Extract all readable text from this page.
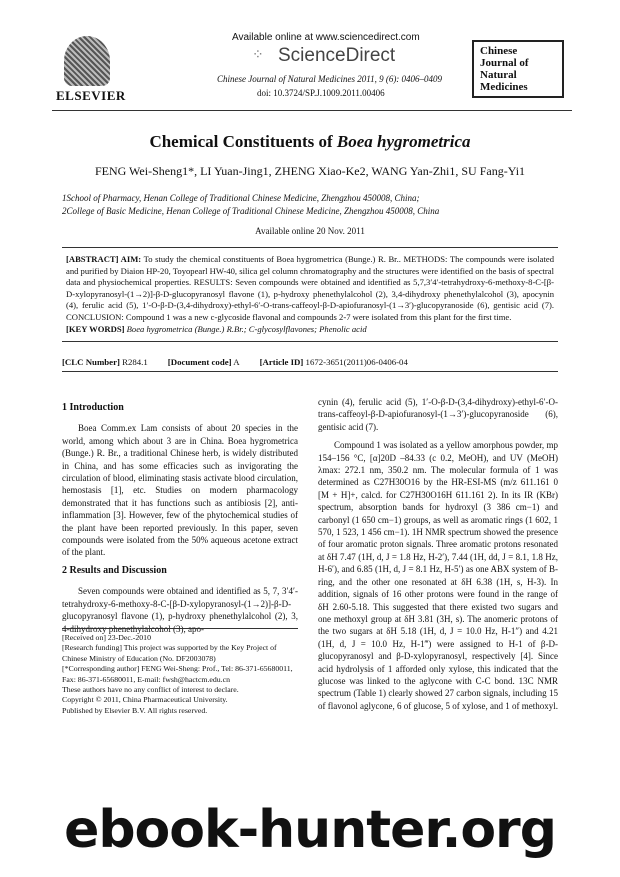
ELSEVIER
Available online at www.sciencedirect.com
⁘ ScienceDirect
Chinese Journal of Natural Medicines 2011, 9 (6): 0406–0409
doi: 10.3724/SP.J.1009.2011.00406
Chinese
Journal of
Natural
Medicines
Chemical Constituents of Boea hygrometrica
FENG Wei-Sheng1*, LI Yuan-Jing1, ZHENG Xiao-Ke2, WANG Yan-Zhi1, SU Fang-Yi1
1School of Pharmacy, Henan College of Traditional Chinese Medicine, Zhengzhou 450008, China;
2College of Basic Medicine, Henan College of Traditional Chinese Medicine, Zhengzhou 450008, China
Available online 20 Nov. 2011
[ABSTRACT] AIM: To study the chemical constituents of Boea hygrometrica (Bunge.) R. Br.. METHODS: The compounds were isolated and purified by Diaion HP-20, Toyopearl HW-40, silica gel column chromatography and the structures were identified on the basis of spectral data and physiochemical properties. RESULTS: Seven compounds were obtained and identified as 5,7,3′4′-tetrahydroxy-6-methoxy-8-C-[β-D-xylopyranosyl-(1→2)]-β-D-glucopyranosyl flavone (1), p-hydroxy phenethylalcohol (2), 3,4-dihydroxy phenethylalcohol (3), apocynin (4), ferulic acid (5), 1′-O-β-D-(3,4-dihydroxy)-ethyl-6′-O-trans-caffeoyl-β-D-apiofuranosyl-(1→3′)-glucopyranoside (6), gentisic acid (7). CONCLUSION: Compound 1 was a new c-glycoside flavonal and compounds 2-7 were isolated from this plant for the first time.
[KEY WORDS] Boea hygrometrica (Bunge.) R.Br.; C-glycosylflavones; Phenolic acid
[CLC Number] R284.1 [Document code] A [Article ID] 1672-3651(2011)06-0406-04
1 Introduction

Boea Comm.ex Lam consists of about 20 species in the world, among which about 3 are in China. Boea hygrometrica (Bunge.) R. Br., a traditional Chinese herb, is widely distributed in China, and has some efficacies such as invigorating the circulation of blood, eliminating stasis activate blood circulation, hemostasis [1], etc. Studies on modern pharmacology demonstrated that it has functions such as antibiosis [2], anti-inflammation [3]. However, few of the phytochemical studies of the plant have been reported previously. In this paper, seven compounds were isolated from the 50% aqueous acetone extract of the plant.

2 Results and Discussion

Seven compounds were obtained and identified as 5, 7, 3′4′-tetrahydroxy-6-methoxy-8-C-[β-D-xylopyranosyl-(1→2)]-β-D-glucopyranosyl flavone (1), p-hydroxy phenethylalcohol (2), 3, 4-dihydroxy phenethylalcohol (3), apo-

[Received on] 23-Dec.-2010
[Research funding] This project was supported by the Key Project of Chinese Ministry of Education (No. DF2003078)
[*Corresponding author] FENG Wei-Sheng: Prof., Tel: 86-371-65680011, Fax: 86-371-65680011, E-mail: fwsh@hactcm.edu.cn
These authors have no any conflict of interest to declare.
Copyright © 2011, China Pharmaceutical University.
Published by Elsevier B.V. All rights reserved.

cynin (4), ferulic acid (5), 1′-O-β-D-(3,4-dihydroxy)-ethyl-6′-O-trans-caffeoyl-β-D-apiofuranosyl-(1→3′)-glucopyranoside (6), gentisic acid (7).

Compound 1 was isolated as a yellow amorphous powder, mp 154–156 °C, [α]20D –84.33 (c 0.2, MeOH), and UV (MeOH) λmax: 272.1 nm, 350.2 nm. The molecular formula of 1 was determined as C27H30O16 by the HR-ESI-MS (m/z 611.161 0 [M + H]+, calcd. for C27H30O16H 611.161 2). In its IR (KBr) spectrum, absorption bands for hydroxyl (3 386 cm−1) and carbonyl (1 650 cm−1) groups, as well as aromatic rings (1 602, 1 570, 1 523, 1 456 cm−1). 1H NMR spectrum showed the presence of four aromatic proton signals. Three aromatic protons resonated at δH 7.47 (1H, d, J = 1.8 Hz, H-2′), 7.44 (1H, dd, J = 8.1, 1.8 Hz, H-6′), and 6.85 (1H, d, J = 8.1 Hz, H-5′) as one ABX system of B-ring, and the other one resonated at δH 6.38 (1H, s, H-3). In addition, signals of 16 other protons were found in the range of δH 2.60-5.18. This suggested that there existed two sugars and one methoxyl group at δH 3.81 (3H, s). The anomeric protons of the two sugars at δH 5.18 (1H, d, J = 10.0 Hz, H-1″) and 4.21 (1H, d, J = 10.0 Hz, H-1‴) were assigned to H-1 of β-D-glucopyranosyl and β-D-xylopyranosyl, respectively [4]. Since acid hydrolysis of 1 afforded only xylose, this indicated that the glucose was linked to the aglycone with C-C bond. 13C NMR spectrum (Table 1) clearly showed 27 carbon signals, including 15 of flavonol aglycone, 6 of glucose, 5 of xylose, and 1 of methoxyl.

ebook-hunter.org
